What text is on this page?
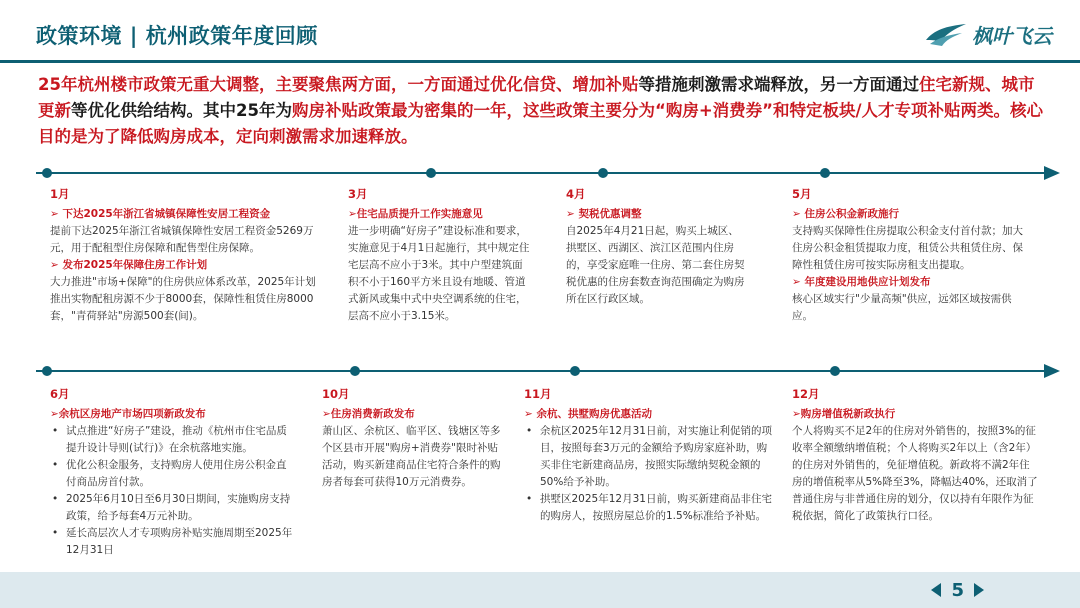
政策环境 | 杭州政策年度回顾	枫叶飞云
25年杭州楼市政策无重大调整，主要聚焦两方面，一方面通过优化信贷、增加补贴等措施刺激需求端释放，另一方面通过住宅新规、城市更新等优化供给结构。其中25年为购房补贴政策最为密集的一年，这些政策主要分为“购房+消费券”和特定板块/人才专项补贴两类。核心目的是为了降低购房成本，定向刺激需求加速释放。
1月
➢ 下达2025年浙江省城镇保障性安居工程资金
提前下达2025年浙江省城镇保障性安居工程资金5269万元，用于配租型住房保障和配售型住房保障。
➢ 发布2025年保障住房工作计划
大力推进"市场+保障"的住房供应体系改革，2025年计划推出实物配租房源不少于8000套，保障性租赁住房8000套，"青荷驿站"房源500套(间)。
3月
➢住宅品质提升工作实施意见
进一步明确“好房子”建设标准和要求，实施意见于4月1日起施行，其中规定住宅层高不应小于3米。其中户型建筑面积不小于160平方米且设有地暖、管道式新风或集中式中央空调系统的住宅，层高不应小于3.15米。
4月
➢ 契税优惠调整
自2025年4月21日起，购买上城区、拱墅区、西湖区、滨江区范围内住房的，享受家庭唯一住房、第二套住房契税优惠的住房套数查询范围确定为购房所在区行政区域。
5月
➢ 住房公积金新政施行
支持购买保障性住房提取公积金支付首付款；加大住房公积金租赁提取力度，租赁公共租赁住房、保障性租赁住房可按实际房租支出提取。
➢ 年度建设用地供应计划发布
核心区域实行"少量高频"供应，远郊区域按需供应。
6月
➢余杭区房地产市场四项新政发布
• 试点推进“好房子”建设，推动《杭州市住宅品质提升设计导则(试行)》在余杭落地实施。
• 优化公积金服务，支持购房人使用住房公积金直付商品房首付款。
• 2025年6月10日至6月30日期间，实施购房支持政策，给予每套4万元补助。
• 延长高层次人才专项购房补贴实施周期至2025年12月31日
10月
➢住房消费新政发布
萧山区、余杭区、临平区、钱塘区等多个区县市开展"购房+消费券"限时补贴活动，购买新建商品住宅符合条件的购房者每套可获得10万元消费券。
11月
➢ 余杭、拱墅购房优惠活动
• 余杭区2025年12月31日前，对实施让利促销的项目，按照每套3万元的金额给予购房家庭补助，购买非住宅新建商品房，按照实际缴纳契税金额的50%给予补助。
• 拱墅区2025年12月31日前，购买新建商品非住宅的购房人，按照房屋总价的1.5%标准给予补贴。
12月
➢购房增值税新政执行
个人将购买不足2年的住房对外销售的，按照3%的征收率全额缴纳增值税；个人将购买2年以上（含2年）的住房对外销售的，免征增值税。新政将不满2年住房的增值税率从5%降至3%，降幅达40%，还取消了普通住房与非普通住房的划分，仅以持有年限作为征税依据，简化了政策执行口径。
5
